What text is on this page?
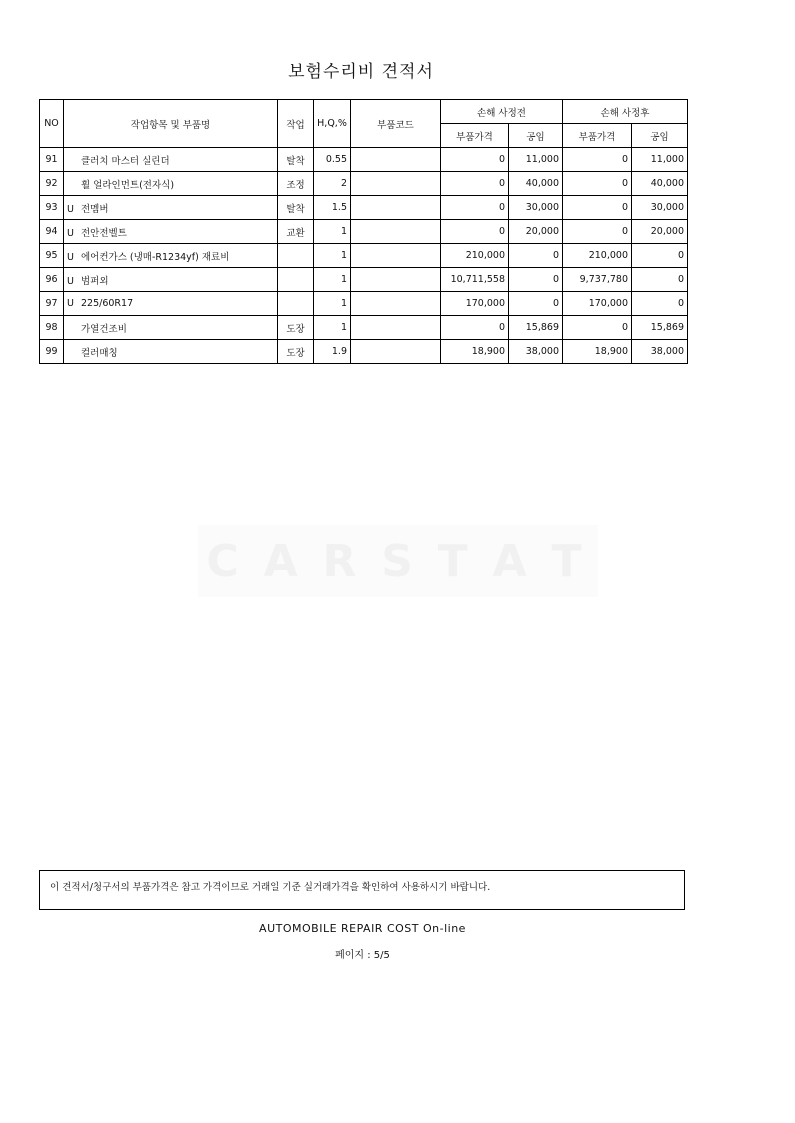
보험수리비 견적서
NO	작업항목 및 부품명	작업	H,Q,%	부품코드	손해 사정전		손해 사정후	
					부품가격	공임	부품가격	공임
91	클러치 마스터 실린더	탈착	0.55		0	11,000	0	11,000
92	휠 얼라인먼트(전자식)	조정	2		0	40,000	0	40,000
93	U 전멤버	탈착	1.5		0	30,000	0	30,000
94	U 전안전벨트	교환	1		0	20,000	0	20,000
95	U 에어컨가스 (냉매-R1234yf) 재료비		1		210,000	0	210,000	0
96	U 범퍼외		1		10,711,558	0	9,737,780	0
97	U 225/60R17		1		170,000	0	170,000	0
98	가열건조비	도장	1		0	15,869	0	15,869
99	컬러매칭	도장	1.9		18,900	38,000	18,900	38,000
C A R S T A T
이 견적서/청구서의 부품가격은 참고 가격이므로 거래일 기준 실거래가격을 확인하여 사용하시기 바랍니다.
AUTOMOBILE REPAIR COST On-line
페이지 : 5/5
